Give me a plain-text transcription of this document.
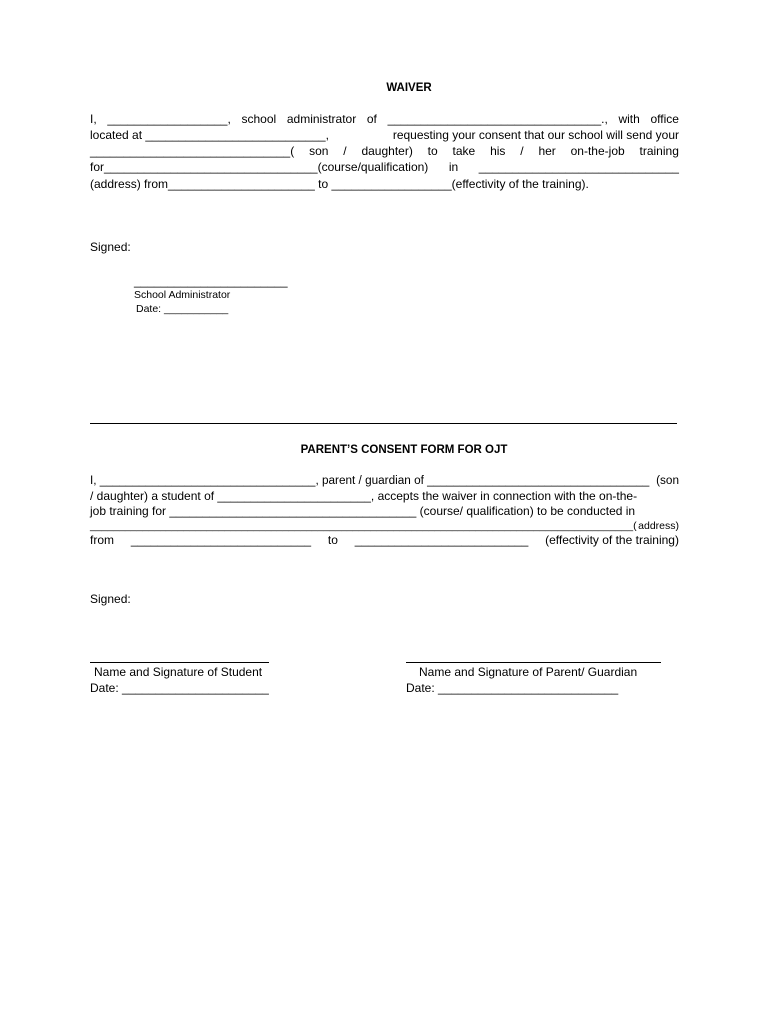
WAIVER
I, __________________, school administrator of ________________________________., with office
located at ___________________________,	requesting your consent that our school will send your
______________________________( son / daughter) to take his / her on-the-job training
for________________________________(course/qualification) in ______________________________
(address) from______________________ to __________________(effectivity of the training).
Signed:
_______________________
School Administrator
Date: ___________
PARENT’S CONSENT FORM FOR OJT
I, _________________________________, parent / guardian of __________________________________ (son
/ daughter) a student of _______________________, accepts the waiver in connection with the on-the-
job training for _____________________________________ (course/ qualification) to be conducted in
_____________________________________________________________________________________________( address)
from ___________________________ to __________________________ (effectivity of the training)
Signed:
Name and Signature of Student
Date: ______________________
Name and Signature of Parent/ Guardian
Date: ___________________________
